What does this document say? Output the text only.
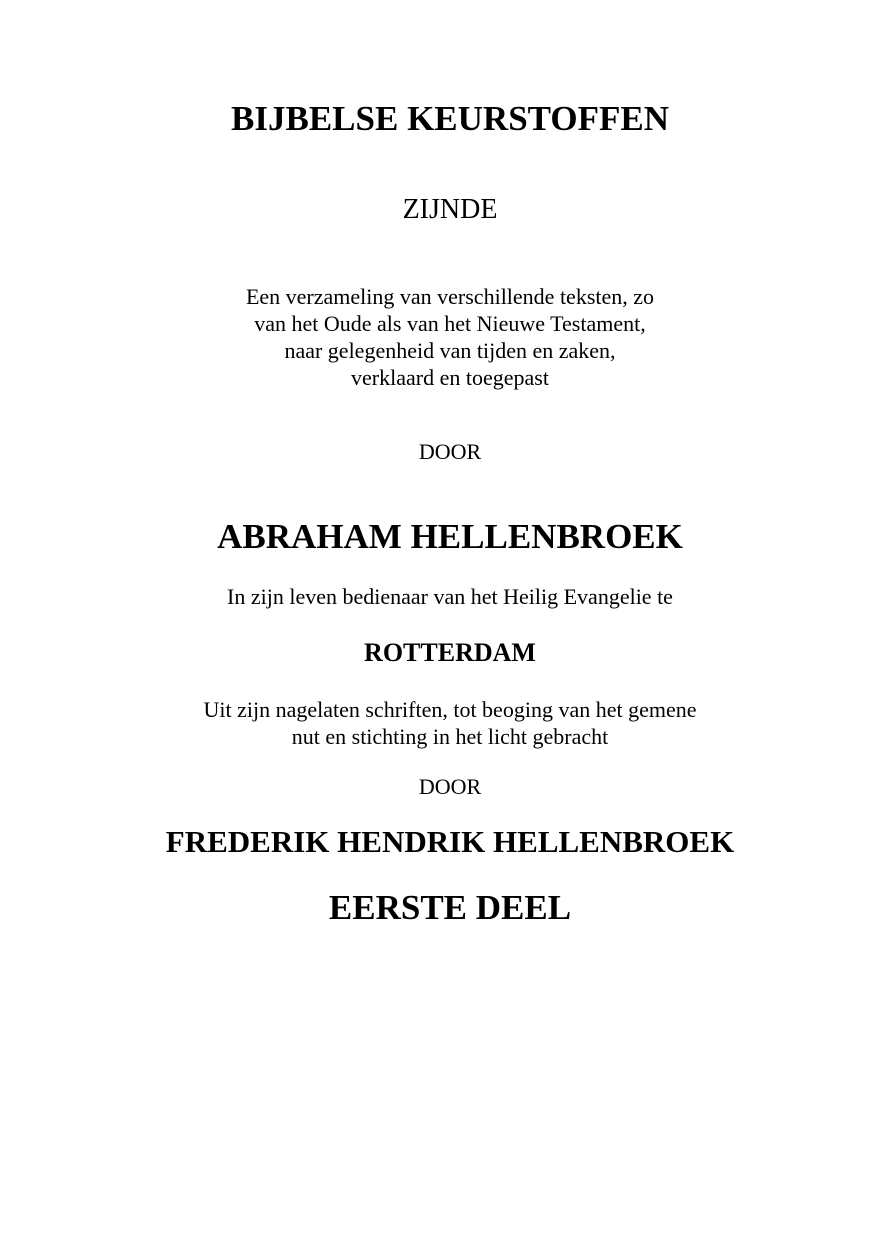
BIJBELSE KEURSTOFFEN
ZIJNDE
Een verzameling van verschillende teksten, zo
van het Oude als van het Nieuwe Testament,
naar gelegenheid van tijden en zaken,
verklaard en toegepast
DOOR
ABRAHAM HELLENBROEK
In zijn leven bedienaar van het Heilig Evangelie te
ROTTERDAM
Uit zijn nagelaten schriften, tot beoging van het gemene
nut en stichting in het licht gebracht
DOOR
FREDERIK HENDRIK HELLENBROEK
EERSTE DEEL
